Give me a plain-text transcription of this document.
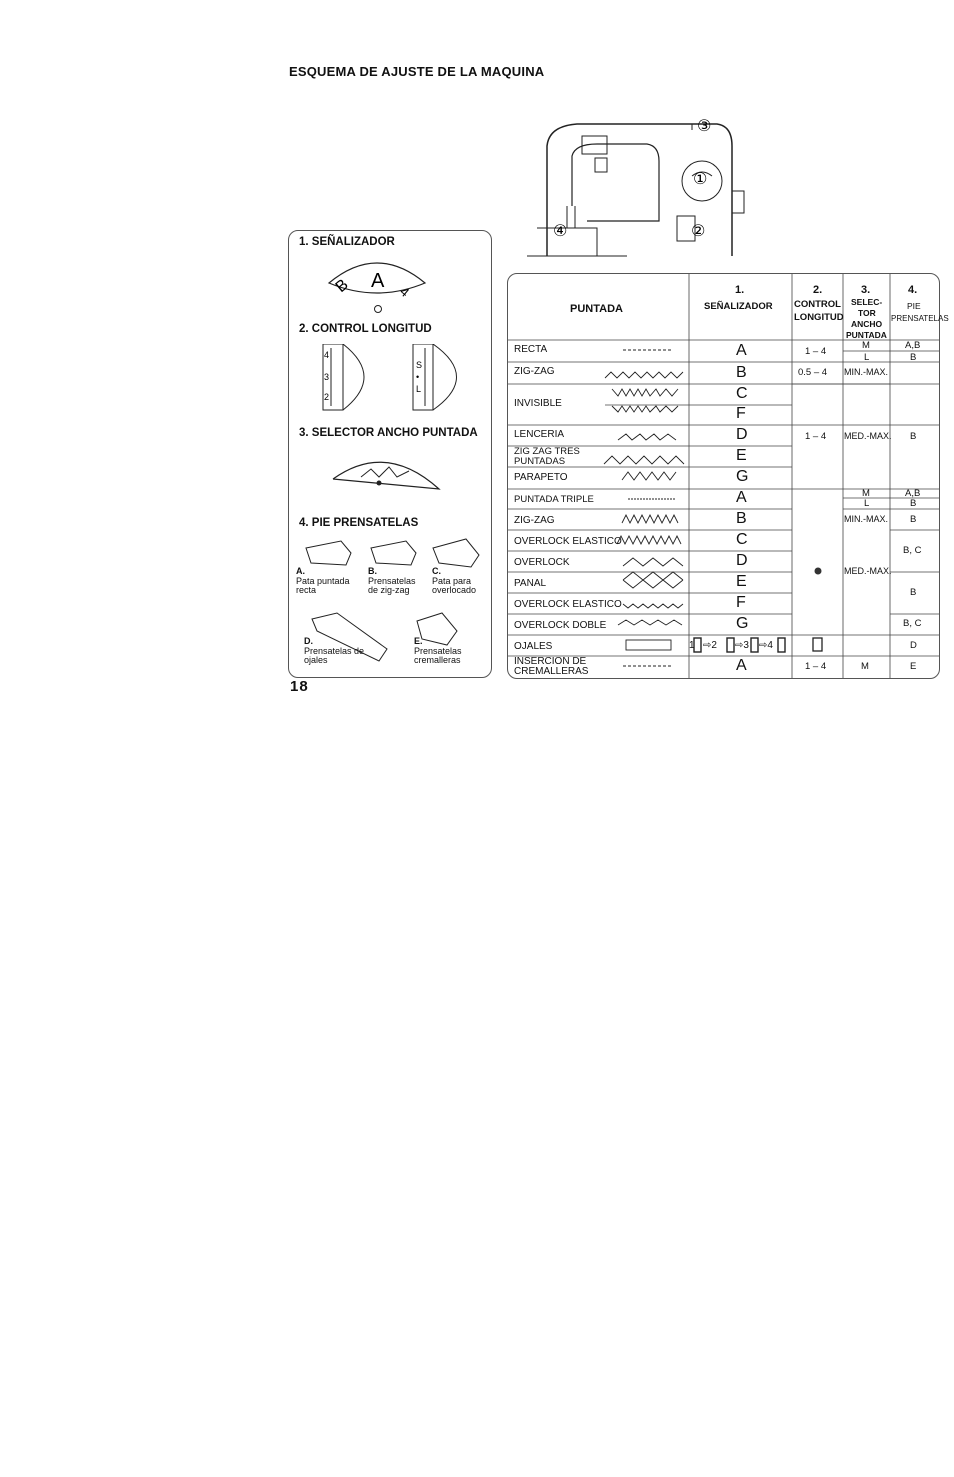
ESQUEMA DE AJUSTE DE LA MAQUINA
③
①
②
④
1. SEÑALIZADOR
B A 4
2. CONTROL LONGITUD
4
3
2
S
•
L
3. SELECTOR ANCHO PUNTADA
4. PIE PRENSATELAS
A.
Pata puntada recta
B.
Prensatelas de zig-zag
C.
Pata para overlocado
D.
Prensatelas de ojales
E.
Prensatelas cremalleras
18
PUNTADA
1.
SEÑALIZADOR
2.
CONTROL
LONGITUD
3.
SELEC-
TOR
ANCHO
PUNTADA
4.
PIE
PRENSATELAS
RECTA
ZIG-ZAG
INVISIBLE
LENCERIA
ZIG ZAG TRES PUNTADAS
PARAPETO
PUNTADA TRIPLE
ZIG-ZAG
OVERLOCK ELASTICO
OVERLOCK
PANAL
OVERLOCK ELASTICO
OVERLOCK DOBLE
OJALES
INSERCION DE CREMALLERAS
A
B
C
F
D
E
G
A
B
C
D
E
F
G
A
1 ⇨2 ⇨3 ⇨4
1 – 4
0.5 – 4
1 – 4
1 – 4
M
L
MIN.-MAX.
MED.-MAX.
M
L
MIN.-MAX.
MED.-MAX.
M
A,B
B
B
A,B
B
B
B, C
B
B, C
D
E
